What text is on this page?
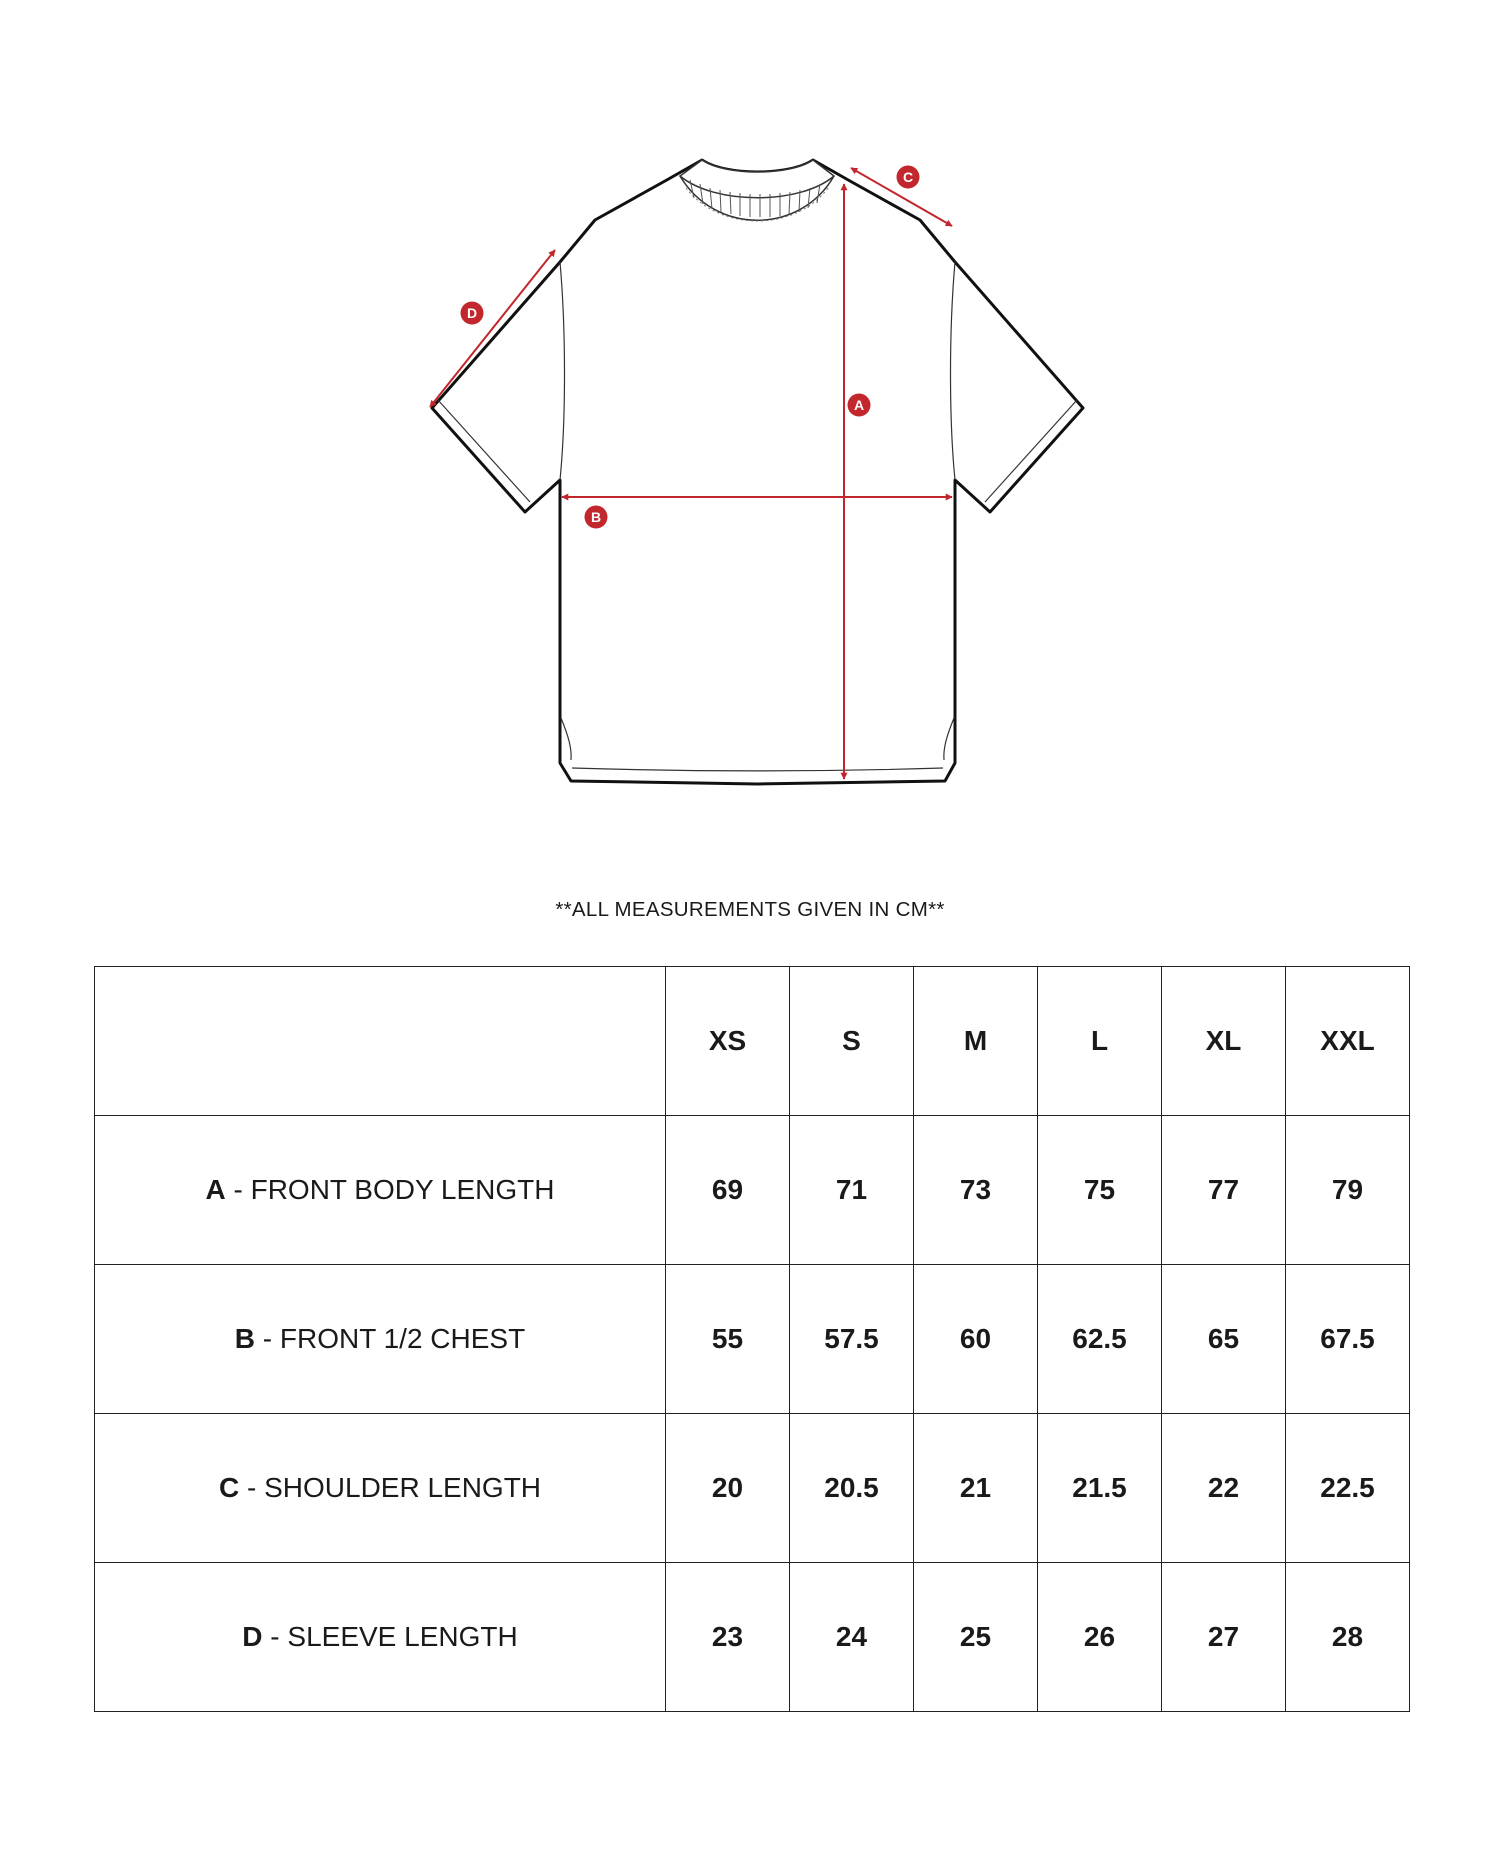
A
B
C
D
**ALL MEASUREMENTS GIVEN IN CM**
	XS	S	M	L	XL	XXL
A - FRONT BODY LENGTH	69	71	73	75	77	79
B - FRONT 1/2 CHEST	55	57.5	60	62.5	65	67.5
C - SHOULDER LENGTH	20	20.5	21	21.5	22	22.5
D - SLEEVE LENGTH	23	24	25	26	27	28
